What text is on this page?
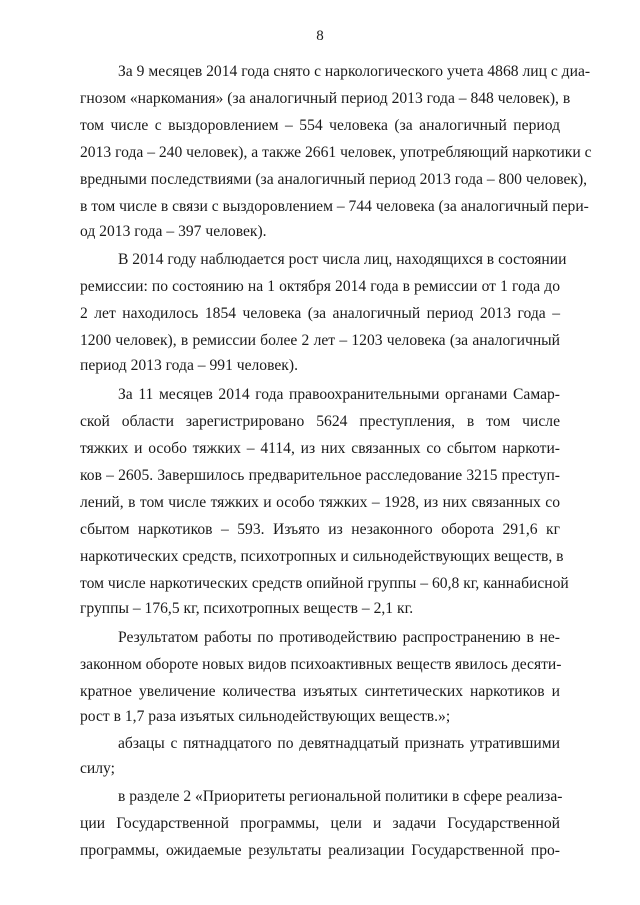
8
За 9 месяцев 2014 года снято с наркологического учета 4868 лиц с диа-
гнозом «наркомания» (за аналогичный период 2013 года – 848 человек), в
том числе с выздоровлением – 554 человека (за аналогичный период
2013 года – 240 человек), а также 2661 человек, употребляющий наркотики с
вредными последствиями (за аналогичный период 2013 года – 800 человек),
в том числе в связи с выздоровлением – 744 человека (за аналогичный пери-
од 2013 года – 397 человек).
В 2014 году наблюдается рост числа лиц, находящихся в состоянии
ремиссии: по состоянию на 1 октября 2014 года в ремиссии от 1 года до
2 лет находилось 1854 человека (за аналогичный период 2013 года –
1200 человек), в ремиссии более 2 лет – 1203 человека (за аналогичный
период 2013 года – 991 человек).
За 11 месяцев 2014 года правоохранительными органами Самар-
ской области зарегистрировано 5624 преступления, в том числе
тяжких и особо тяжких – 4114, из них связанных со сбытом наркоти-
ков – 2605. Завершилось предварительное расследование 3215 преступ-
лений, в том числе тяжких и особо тяжких – 1928, из них связанных со
сбытом наркотиков – 593. Изъято из незаконного оборота 291,6 кг
наркотических средств, психотропных и сильнодействующих веществ, в
том числе наркотических средств опийной группы – 60,8 кг, каннабисной
группы – 176,5 кг, психотропных веществ – 2,1 кг.
Результатом работы по противодействию распространению в не-
законном обороте новых видов психоактивных веществ явилось десяти-
кратное увеличение количества изъятых синтетических наркотиков и
рост в 1,7 раза изъятых сильнодействующих веществ.»;
абзацы с пятнадцатого по девятнадцатый признать утратившими
силу;
в разделе 2 «Приоритеты региональной политики в сфере реализа-
ции Государственной программы, цели и задачи Государственной
программы, ожидаемые результаты реализации Государственной про-
